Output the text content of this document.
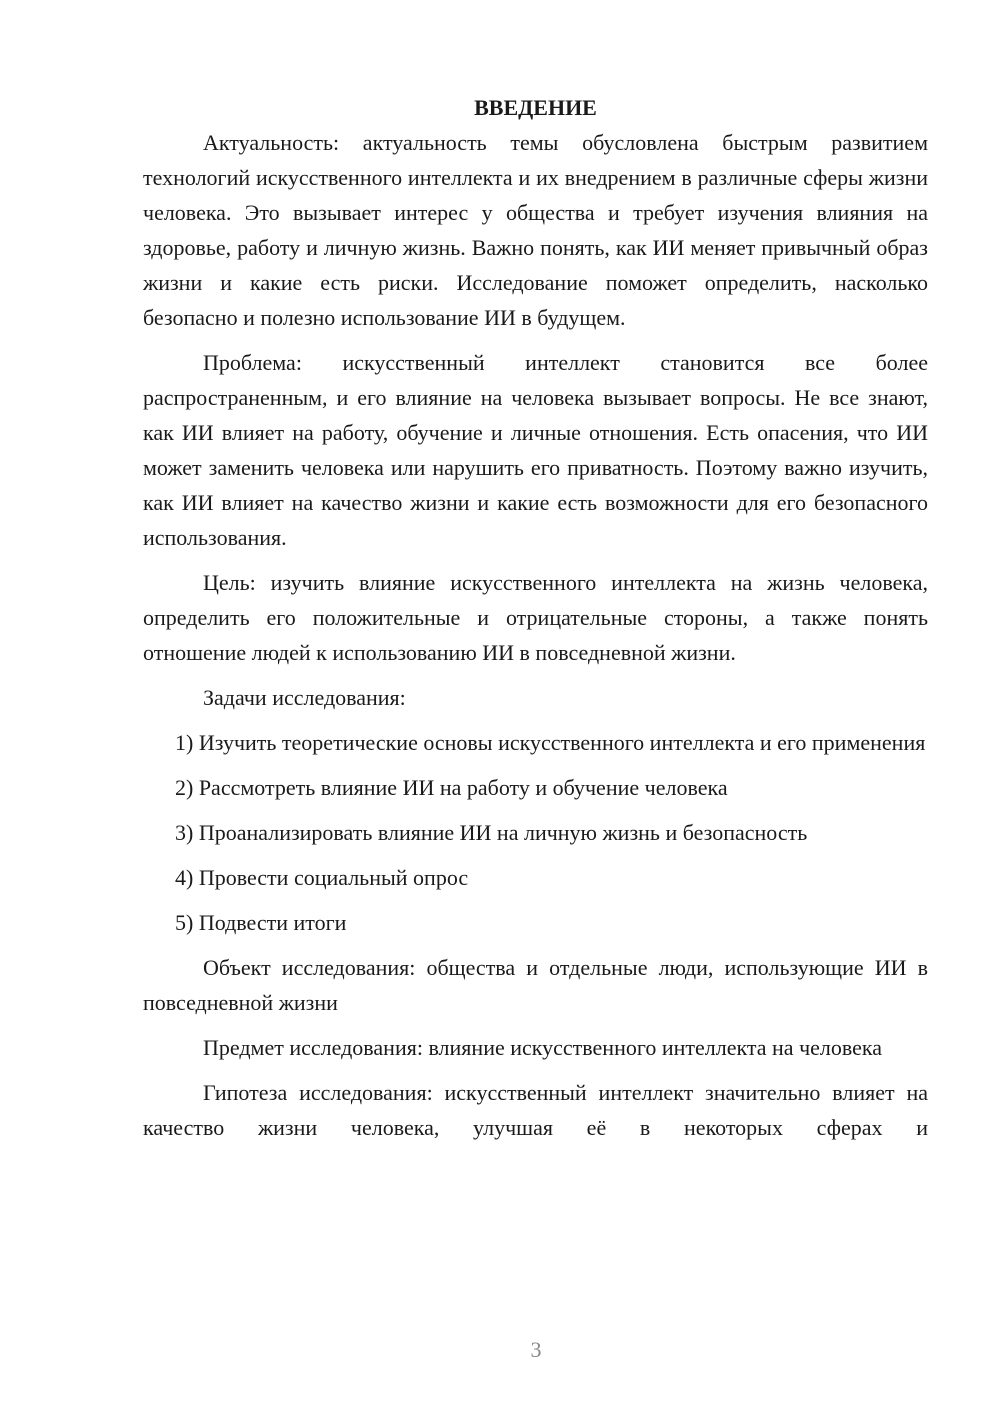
ВВЕДЕНИЕ

Актуальность: актуальность темы обусловлена быстрым развитием технологий искусственного интеллекта и их внедрением в различные сферы жизни человека. Это вызывает интерес у общества и требует изучения влияния на здоровье, работу и личную жизнь. Важно понять, как ИИ меняет привычный образ жизни и какие есть риски. Исследование поможет определить, насколько безопасно и полезно использование ИИ в будущем.

Проблема: искусственный интеллект становится все более распространенным, и его влияние на человека вызывает вопросы. Не все знают, как ИИ влияет на работу, обучение и личные отношения. Есть опасения, что ИИ может заменить человека или нарушить его приватность. Поэтому важно изучить, как ИИ влияет на качество жизни и какие есть возможности для его безопасного использования.

Цель: изучить влияние искусственного интеллекта на жизнь человека, определить его положительные и отрицательные стороны, а также понять отношение людей к использованию ИИ в повседневной жизни.

Задачи исследования:

1) Изучить теоретические основы искусственного интеллекта и его применения

2) Рассмотреть влияние ИИ на работу и обучение человека

3) Проанализировать влияние ИИ на личную жизнь и безопасность

4) Провести социальный опрос

5) Подвести итоги

Объект исследования: общества и отдельные люди, использующие ИИ в повседневной жизни

Предмет исследования: влияние искусственного интеллекта на человека

Гипотеза исследования: искусственный интеллект значительно влияет на качество жизни человека, улучшая её в некоторых сферах и

3
